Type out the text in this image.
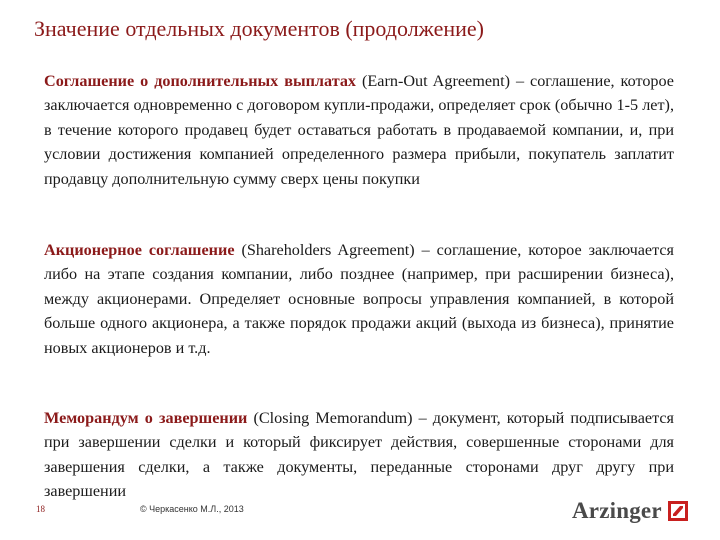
Значение отдельных документов (продолжение)
Соглашение о дополнительных выплатах (Earn-Out Agreement) – соглашение, которое заключается одновременно с договором купли-продажи, определяет срок (обычно 1-5 лет), в течение которого продавец будет оставаться работать в продаваемой компании, и, при условии достижения компанией определенного размера прибыли, покупатель заплатит продавцу дополнительную сумму сверх цены покупки
Акционерное соглашение (Shareholders Agreement) – соглашение, которое заключается либо на этапе создания компании, либо позднее (например, при расширении бизнеса), между акционерами. Определяет основные вопросы управления компанией, в которой больше одного акционера, а также порядок продажи акций (выхода из бизнеса), принятие новых акционеров и т.д.
Меморандум о завершении (Closing Memorandum) – документ, который подписывается при завершении сделки и который фиксирует действия, совершенные сторонами для завершения сделки, а также документы, переданные сторонами друг другу при завершении
18	© Черкасенко М.Л., 2013	Arzinger
